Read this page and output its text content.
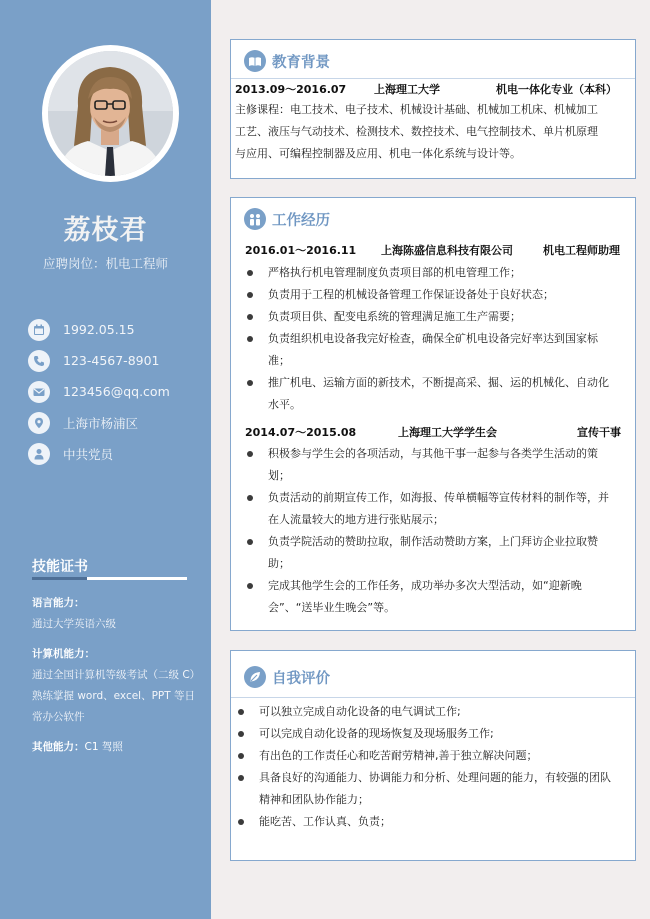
荔枝君
应聘岗位：机电工程师
1992.05.15
123-4567-8901
123456@qq.com
上海市杨浦区
中共党员
技能证书
语言能力：
通过大学英语六级
计算机能力：
通过全国计算机等级考试（二级 C）
熟练掌握 word、excel、PPT 等日
常办公软件
其他能力：C1 驾照
教育背景
2013.09～2016.07	上海理工大学	机电一体化专业（本科）
主修课程：电工技术、电子技术、机械设计基础、机械加工机床、机械加工
工艺、液压与气动技术、检测技术、数控技术、电气控制技术、单片机原理
与应用、可编程控制器及应用、机电一体化系统与设计等。
工作经历
2016.01～2016.11 上海陈盛信息科技有限公司	机电工程师助理
严格执行机电管理制度负责项目部的机电管理工作；
负责用于工程的机械设备管理工作保证设备处于良好状态；
负责项目供、配变电系统的管理满足施工生产需要；
负责组织机电设备我完好检查，确保全矿机电设备完好率达到国家标
准；
推广机电、运输方面的新技术，不断提高采、掘、运的机械化、自动化
水平。
2014.07～2015.08	上海理工大学学生会	宣传干事
积极参与学生会的各项活动，与其他干事一起参与各类学生活动的策
划；
负责活动的前期宣传工作，如海报、传单横幅等宣传材料的制作等，并
在人流量较大的地方进行张贴展示；
负责学院活动的赞助拉取，制作活动赞助方案，上门拜访企业拉取赞
助；
完成其他学生会的工作任务，成功举办多次大型活动，如“迎新晚
会”、“送毕业生晚会”等。
自我评价
可以独立完成自动化设备的电气调试工作;
可以完成自动化设备的现场恢复及现场服务工作;
有出色的工作责任心和吃苦耐劳精神,善于独立解决问题；
具备良好的沟通能力、协调能力和分析、处理问题的能力，有较强的团队
精神和团队协作能力；
能吃苦、工作认真、负责；
